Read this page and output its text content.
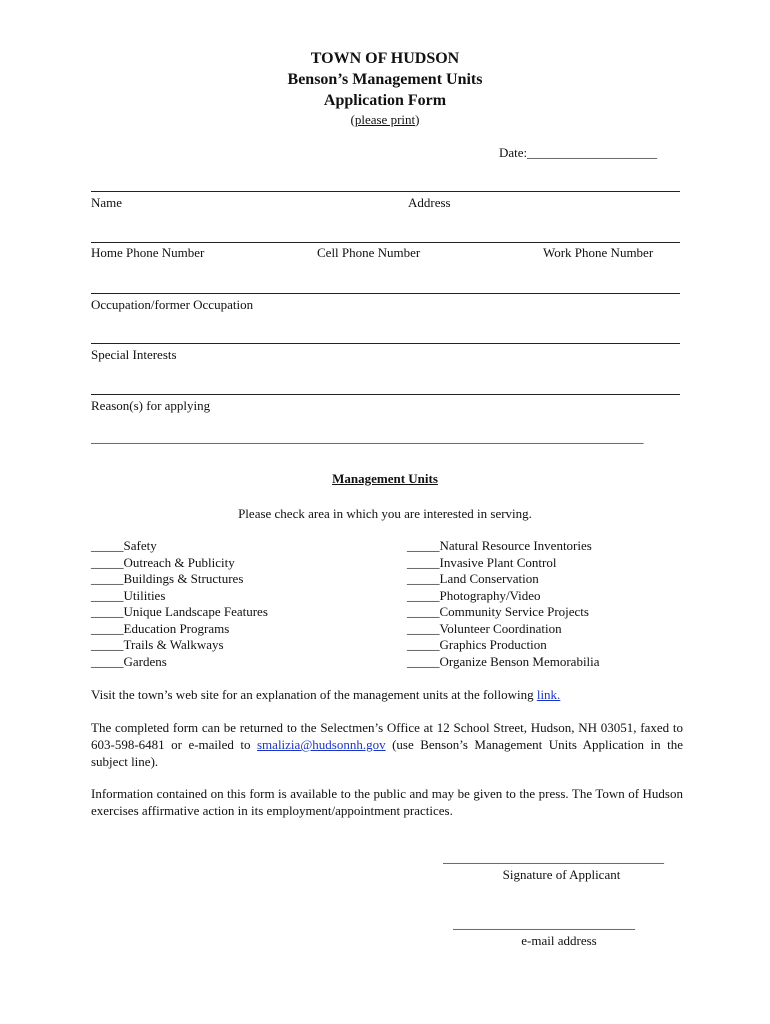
TOWN OF HUDSON
Benson’s Management Units
Application Form
(please print)
Date:____________________
Name	Address
Home Phone Number	Cell Phone Number	Work Phone Number
Occupation/former Occupation
Special Interests
Reason(s) for applying
_____________________________________________________________________________________
Management Units
Please check area in which you are interested in serving.
_____Safety
_____Outreach & Publicity
_____Buildings & Structures
_____Utilities
_____Unique Landscape Features
_____Education Programs
_____Trails & Walkways
_____Gardens
_____Natural Resource Inventories
_____Invasive Plant Control
_____Land Conservation
_____Photography/Video
_____Community Service Projects
_____Volunteer Coordination
_____Graphics Production
_____Organize Benson Memorabilia
Visit the town’s web site for an explanation of the management units at the following link.
The completed form can be returned to the Selectmen’s Office at 12 School Street, Hudson, NH 03051, faxed to 603-598-6481 or e-mailed to smalizia@hudsonnh.gov (use Benson’s Management Units Application in the subject line).
Information contained on this form is available to the public and may be given to the press. The Town of Hudson exercises affirmative action in its employment/appointment practices.
__________________________________
Signature of Applicant
____________________________
e-mail address
